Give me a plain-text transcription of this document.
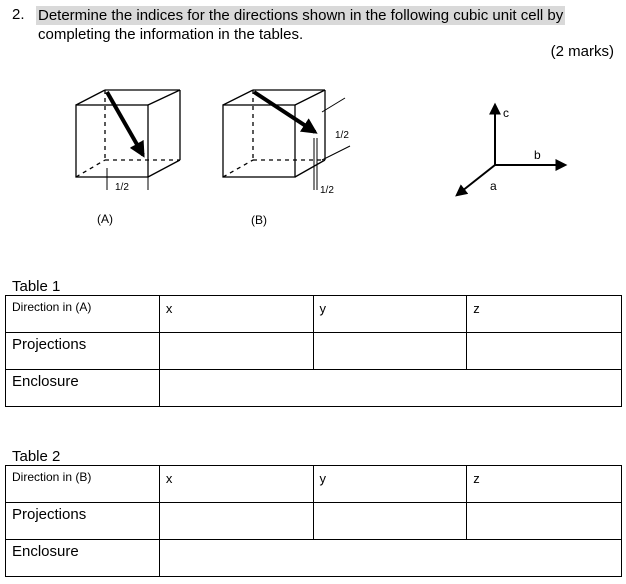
2. Determine the indices for the directions shown in the following cubic unit cell by
completing the information in the tables.
(2 marks)
1/2
1/2
1/2
(A)	(B)
c
b
a
Table 1
Direction in (A)	x	y	z
Projections			
Enclosure			
Table 2
Direction in (B)	x	y	z
Projections			
Enclosure			
